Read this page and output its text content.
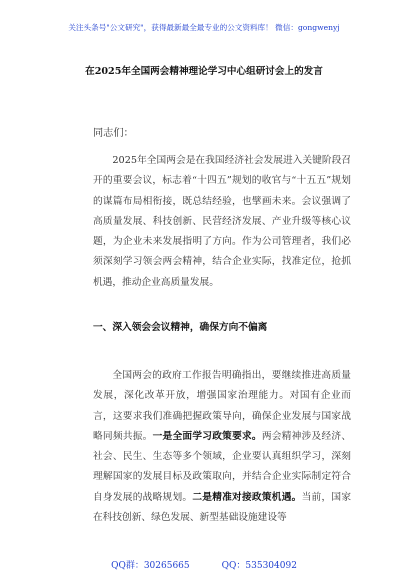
关注头条号"公文研究"，获得最新最全最专业的公文资料库！ 微信：gongwenyj
在2025年全国两会精神理论学习中心组研讨会上的发言
同志们：

2025年全国两会是在我国经济社会发展进入关键阶段召开的重要会议，标志着“十四五”规划的收官与“十五五”规划的谋篇布局相衔接，既总结经验，也擘画未来。会议强调了高质量发展、科技创新、民营经济发展、产业升级等核心议题，为企业未来发展指明了方向。作为公司管理者，我们必须深刻学习领会两会精神，结合企业实际，找准定位，抢抓机遇，推动企业高质量发展。

一、深入领会会议精神，确保方向不偏离

全国两会的政府工作报告明确指出，要继续推进高质量发展，深化改革开放，增强国家治理能力。对国有企业而言，这要求我们准确把握政策导向，确保企业发展与国家战略同频共振。一是全面学习政策要求。两会精神涉及经济、社会、民生、生态等多个领域，企业要认真组织学习，深刻理解国家的发展目标及政策取向，并结合企业实际制定符合自身发展的战略规划。二是精准对接政策机遇。当前，国家在科技创新、绿色发展、新型基础设施建设等

QQ群：30265665	QQ：535304092
